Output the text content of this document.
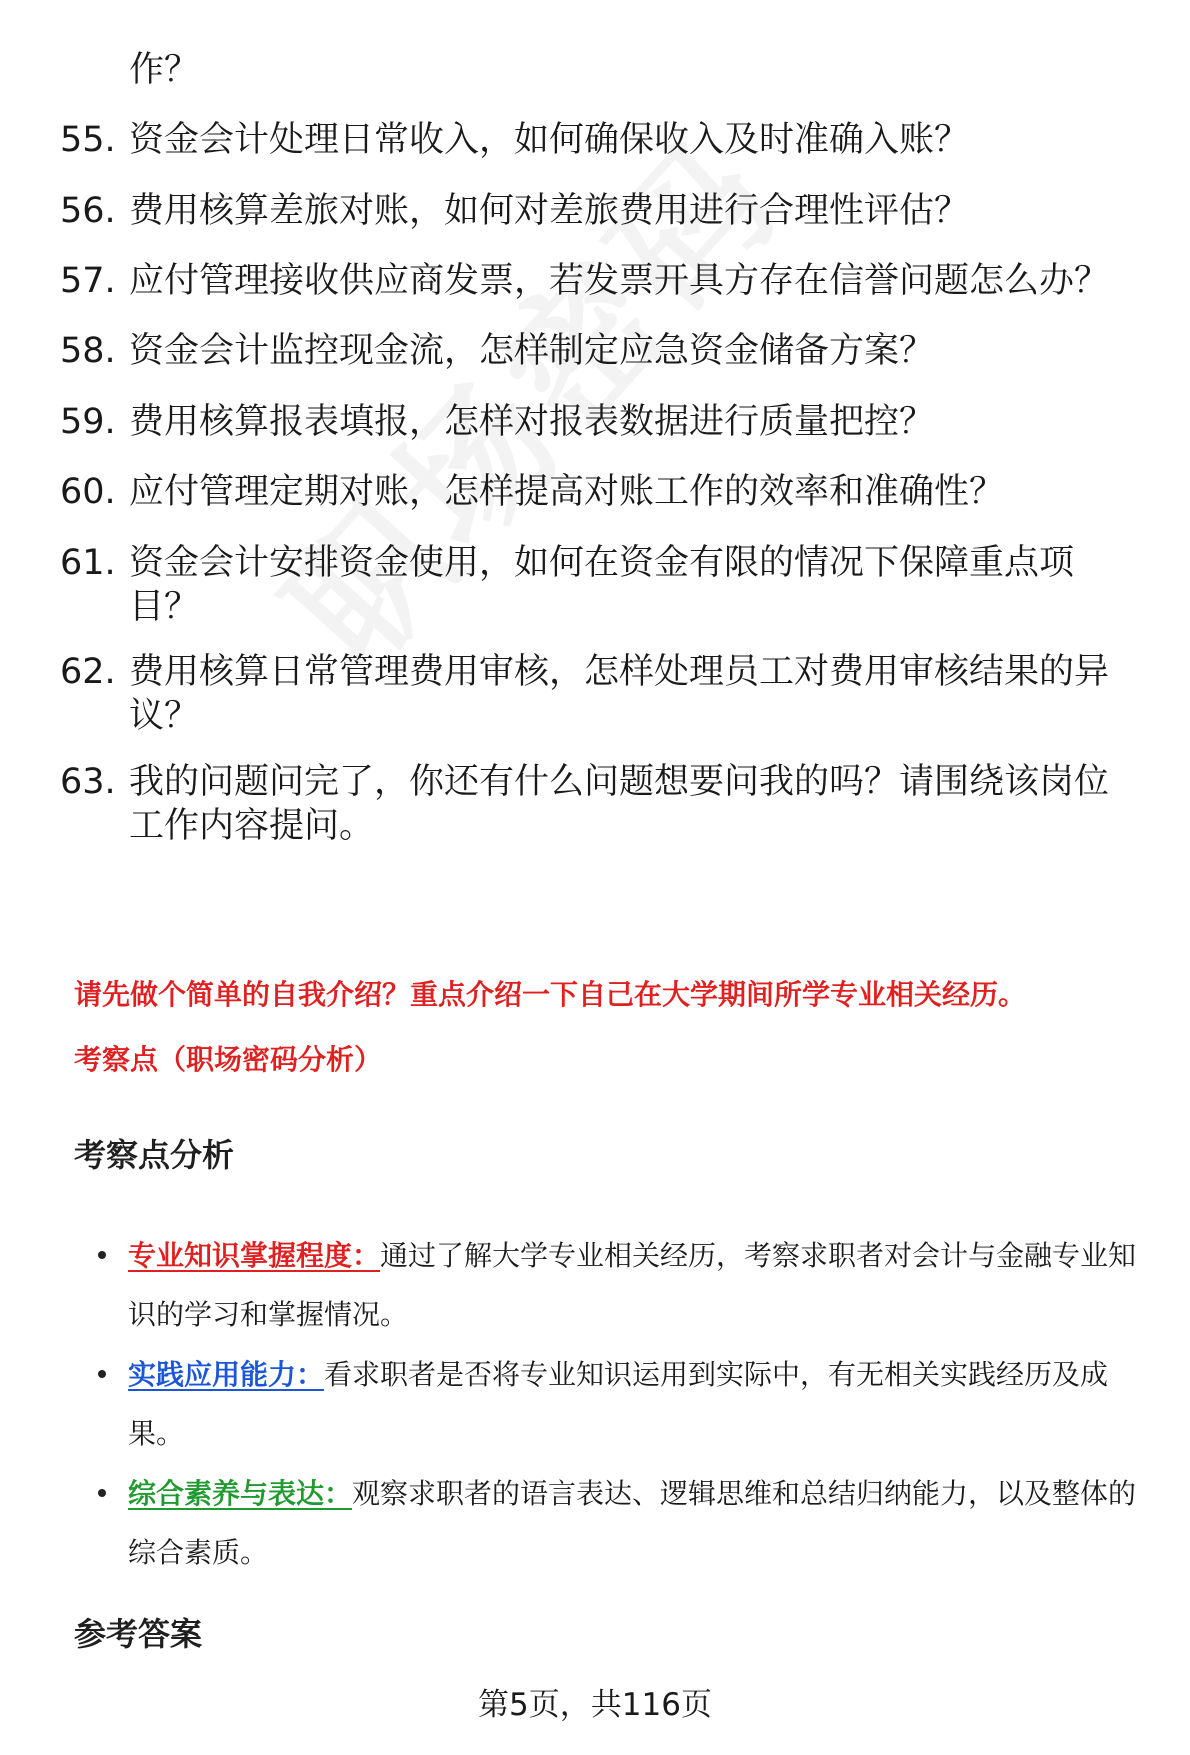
作？
55. 资金会计处理日常收入，如何确保收入及时准确入账？
56. 费用核算差旅对账，如何对差旅费用进行合理性评估？
57. 应付管理接收供应商发票，若发票开具方存在信誉问题怎么办？
58. 资金会计监控现金流，怎样制定应急资金储备方案？
59. 费用核算报表填报，怎样对报表数据进行质量把控？
60. 应付管理定期对账，怎样提高对账工作的效率和准确性？
61. 资金会计安排资金使用，如何在资金有限的情况下保障重点项目？
62. 费用核算日常管理费用审核，怎样处理员工对费用审核结果的异议？
63. 我的问题问完了，你还有什么问题想要问我的吗？请围绕该岗位工作内容提问。
请先做个简单的自我介绍？重点介绍一下自己在大学期间所学专业相关经历。
考察点（职场密码分析）
考察点分析
专业知识掌握程度：通过了解大学专业相关经历，考察求职者对会计与金融专业知识的学习和掌握情况。
实践应用能力：看求职者是否将专业知识运用到实际中，有无相关实践经历及成果。
综合素养与表达：观察求职者的语言表达、逻辑思维和总结归纳能力，以及整体的综合素质。
参考答案
第5页，共116页
